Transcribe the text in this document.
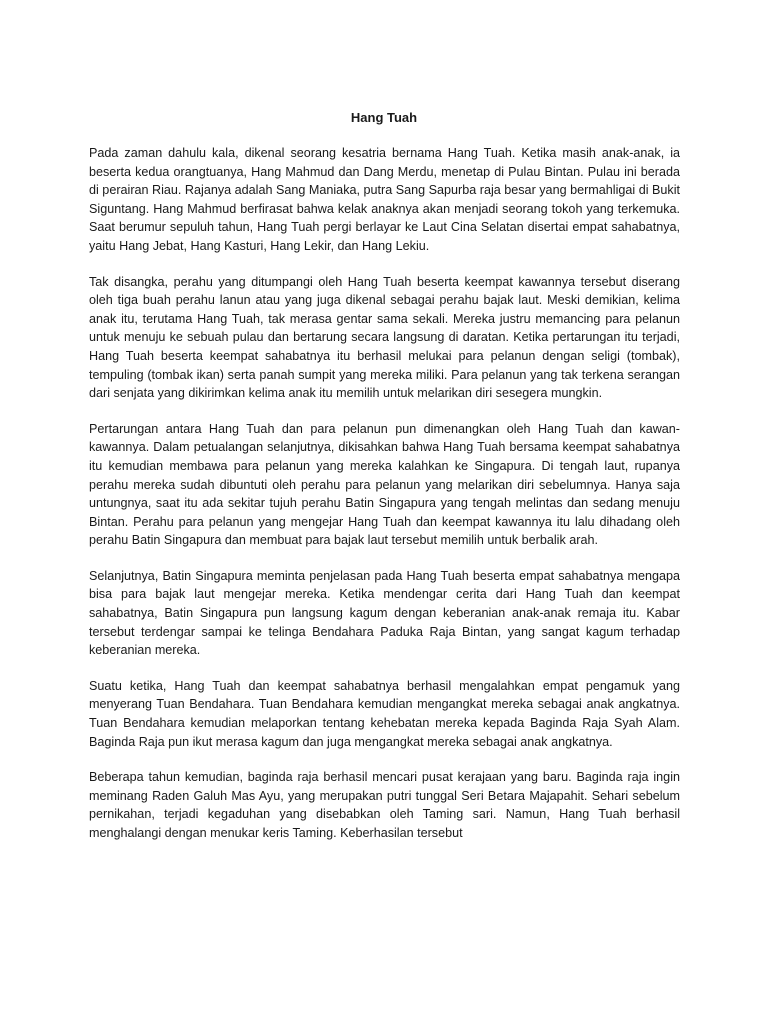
Hang Tuah

Pada zaman dahulu kala, dikenal seorang kesatria bernama Hang Tuah. Ketika masih anak-anak, ia beserta kedua orangtuanya, Hang Mahmud dan Dang Merdu, menetap di Pulau Bintan. Pulau ini berada di perairan Riau. Rajanya adalah Sang Maniaka, putra Sang Sapurba raja besar yang bermahligai di Bukit Siguntang. Hang Mahmud berfirasat bahwa kelak anaknya akan menjadi seorang tokoh yang terkemuka. Saat berumur sepuluh tahun, Hang Tuah pergi berlayar ke Laut Cina Selatan disertai empat sahabatnya, yaitu Hang Jebat, Hang Kasturi, Hang Lekir, dan Hang Lekiu.

Tak disangka, perahu yang ditumpangi oleh Hang Tuah beserta keempat kawannya tersebut diserang oleh tiga buah perahu lanun atau yang juga dikenal sebagai perahu bajak laut. Meski demikian, kelima anak itu, terutama Hang Tuah, tak merasa gentar sama sekali. Mereka justru memancing para pelanun untuk menuju ke sebuah pulau dan bertarung secara langsung di daratan. Ketika pertarungan itu terjadi, Hang Tuah beserta keempat sahabatnya itu berhasil melukai para pelanun dengan seligi (tombak), tempuling (tombak ikan) serta panah sumpit yang mereka miliki. Para pelanun yang tak terkena serangan dari senjata yang dikirimkan kelima anak itu memilih untuk melarikan diri sesegera mungkin.

Pertarungan antara Hang Tuah dan para pelanun pun dimenangkan oleh Hang Tuah dan kawan-kawannya. Dalam petualangan selanjutnya, dikisahkan bahwa Hang Tuah bersama keempat sahabatnya itu kemudian membawa para pelanun yang mereka kalahkan ke Singapura. Di tengah laut, rupanya perahu mereka sudah dibuntuti oleh perahu para pelanun yang melarikan diri sebelumnya. Hanya saja untungnya, saat itu ada sekitar tujuh perahu Batin Singapura yang tengah melintas dan sedang menuju Bintan. Perahu para pelanun yang mengejar Hang Tuah dan keempat kawannya itu lalu dihadang oleh perahu Batin Singapura dan membuat para bajak laut tersebut memilih untuk berbalik arah.

Selanjutnya, Batin Singapura meminta penjelasan pada Hang Tuah beserta empat sahabatnya mengapa bisa para bajak laut mengejar mereka. Ketika mendengar cerita dari Hang Tuah dan keempat sahabatnya, Batin Singapura pun langsung kagum dengan keberanian anak-anak remaja itu. Kabar tersebut terdengar sampai ke telinga Bendahara Paduka Raja Bintan, yang sangat kagum terhadap keberanian mereka.

Suatu ketika, Hang Tuah dan keempat sahabatnya berhasil mengalahkan empat pengamuk yang menyerang Tuan Bendahara. Tuan Bendahara kemudian mengangkat mereka sebagai anak angkatnya. Tuan Bendahara kemudian melaporkan tentang kehebatan mereka kepada Baginda Raja Syah Alam. Baginda Raja pun ikut merasa kagum dan juga mengangkat mereka sebagai anak angkatnya.

Beberapa tahun kemudian, baginda raja berhasil mencari pusat kerajaan yang baru. Baginda raja ingin meminang Raden Galuh Mas Ayu, yang merupakan putri tunggal Seri Betara Majapahit. Sehari sebelum pernikahan, terjadi kegaduhan yang disebabkan oleh Taming sari. Namun, Hang Tuah berhasil menghalangi dengan menukar keris Taming. Keberhasilan tersebut
